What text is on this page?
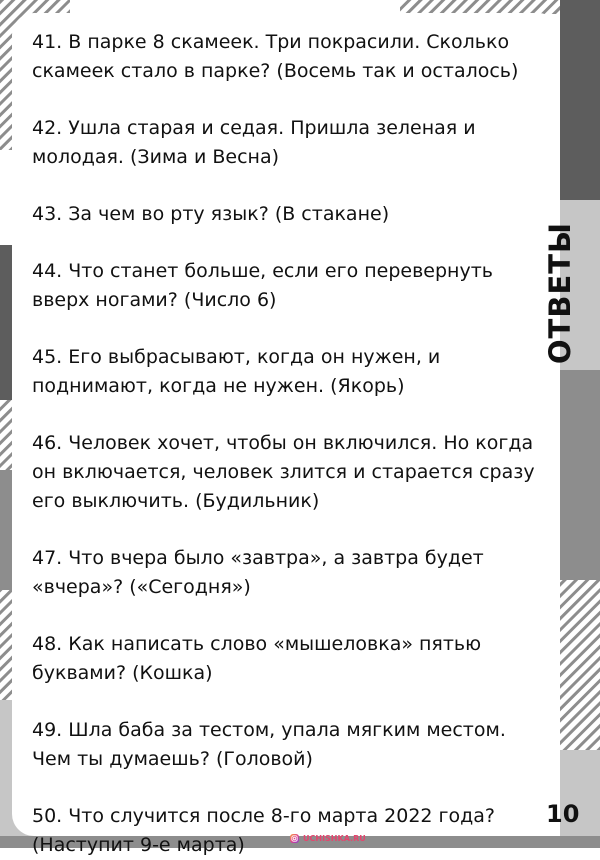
41. В парке 8 скамеек. Три покрасили. Сколько
скамеек стало в парке? (Восемь так и осталось)
42. Ушла старая и седая. Пришла зеленая и
молодая. (Зима и Весна)
43. За чем во рту язык? (В стакане)
44. Что станет больше, если его перевернуть
вверх ногами? (Число 6)
45. Его выбрасывают, когда он нужен, и
поднимают, когда не нужен. (Якорь)
46. Человек хочет, чтобы он включился. Но когда
он включается, человек злится и старается сразу
его выключить. (Будильник)
47. Что вчера было «завтра», а завтра будет
«вчера»? («Сегодня»)
48. Как написать слово «мышеловка» пятью
буквами? (Кошка)
49. Шла баба за тестом, упала мягким местом.
Чем ты думаешь? (Головой)
50. Что случится после 8-го марта 2022 года?
(Наступит 9-е марта)
ОТВЕТЫ
10
UCHISHKA.RU
